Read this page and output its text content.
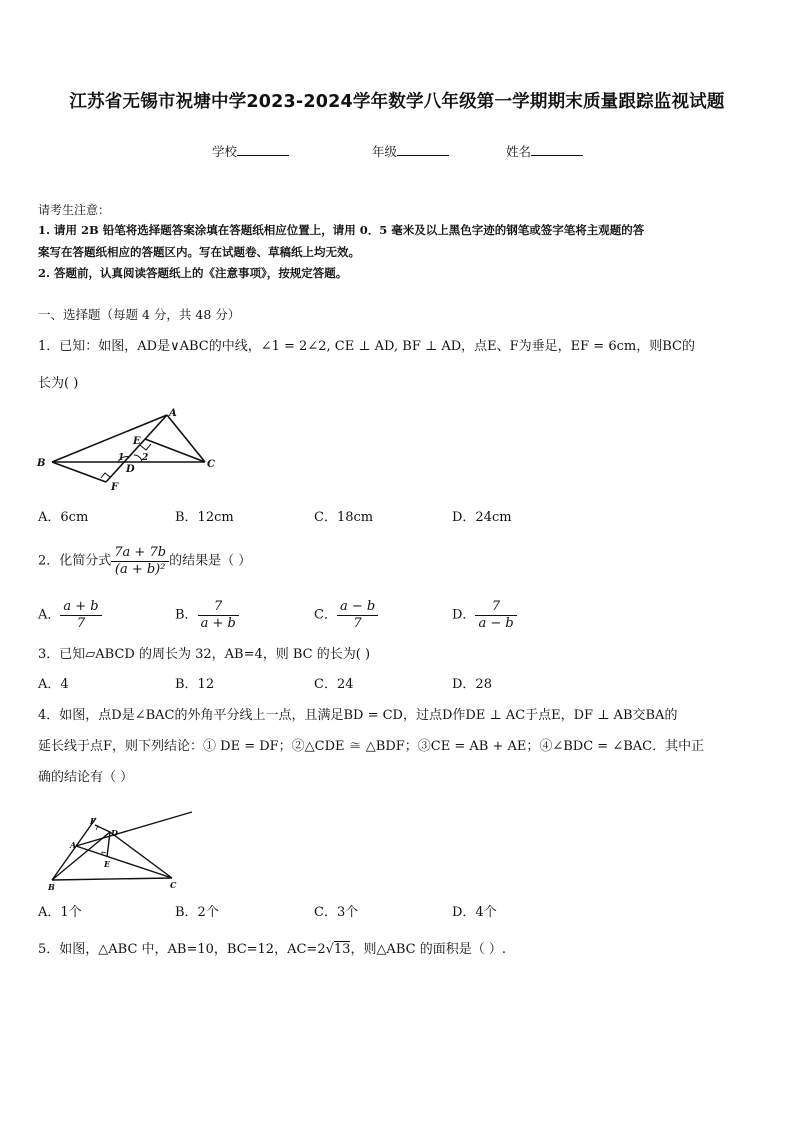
江苏省无锡市祝塘中学2023-2024学年数学八年级第一学期期末质量跟踪监视试题
学校	年级	姓名
请考生注意：
1. 请用 2B 铅笔将选择题答案涂填在答题纸相应位置上，请用 0．5 毫米及以上黑色字迹的钢笔或签字笔将主观题的答
案写在答题纸相应的答题区内。写在试题卷、草稿纸上均无效。
2. 答题前，认真阅读答题纸上的《注意事项》，按规定答题。
一、选择题（每题 4 分，共 48 分）
1．已知：如图，AD是∨ABC的中线，∠1 = 2∠2, CE ⊥ AD, BF ⊥ AD，点E、F为垂足，EF = 6cm，则BC的
长为( )
A
B	C
D
E
F
1 2
A．6cm	B．12cm	C．18cm	D．24cm
2．化简分式 $\frac{7a + 7b}{\text{(a + b)²}}$ 的结果是（ ）
A． $\frac{a + b}{7}$	B． $\frac{7}{a + b}$	C． $\frac{a - b}{7}$	D． $\frac{7}{a - b}$
3．已知▱ABCD 的周长为 32，AB=4，则 BC 的长为( )
A．4	B．12	C．24	D．28
4．如图，点D是∠BAC的外角平分线上一点，且满足BD = CD，过点D作DE ⊥ AC于点E，DF ⊥ AB交BA的
延长线于点F，则下列结论：① DE = DF；②△CDE ≅ △BDF；③CE = AB + AE；④∠BDC = ∠BAC．其中正
确的结论有（ ）
A
B	C
D
E
F
A．1个	B．2个	C．3个	D．4个
5．如图，△ABC 中，AB=10，BC=12，AC=2√13，则△ABC 的面积是（ ）.
